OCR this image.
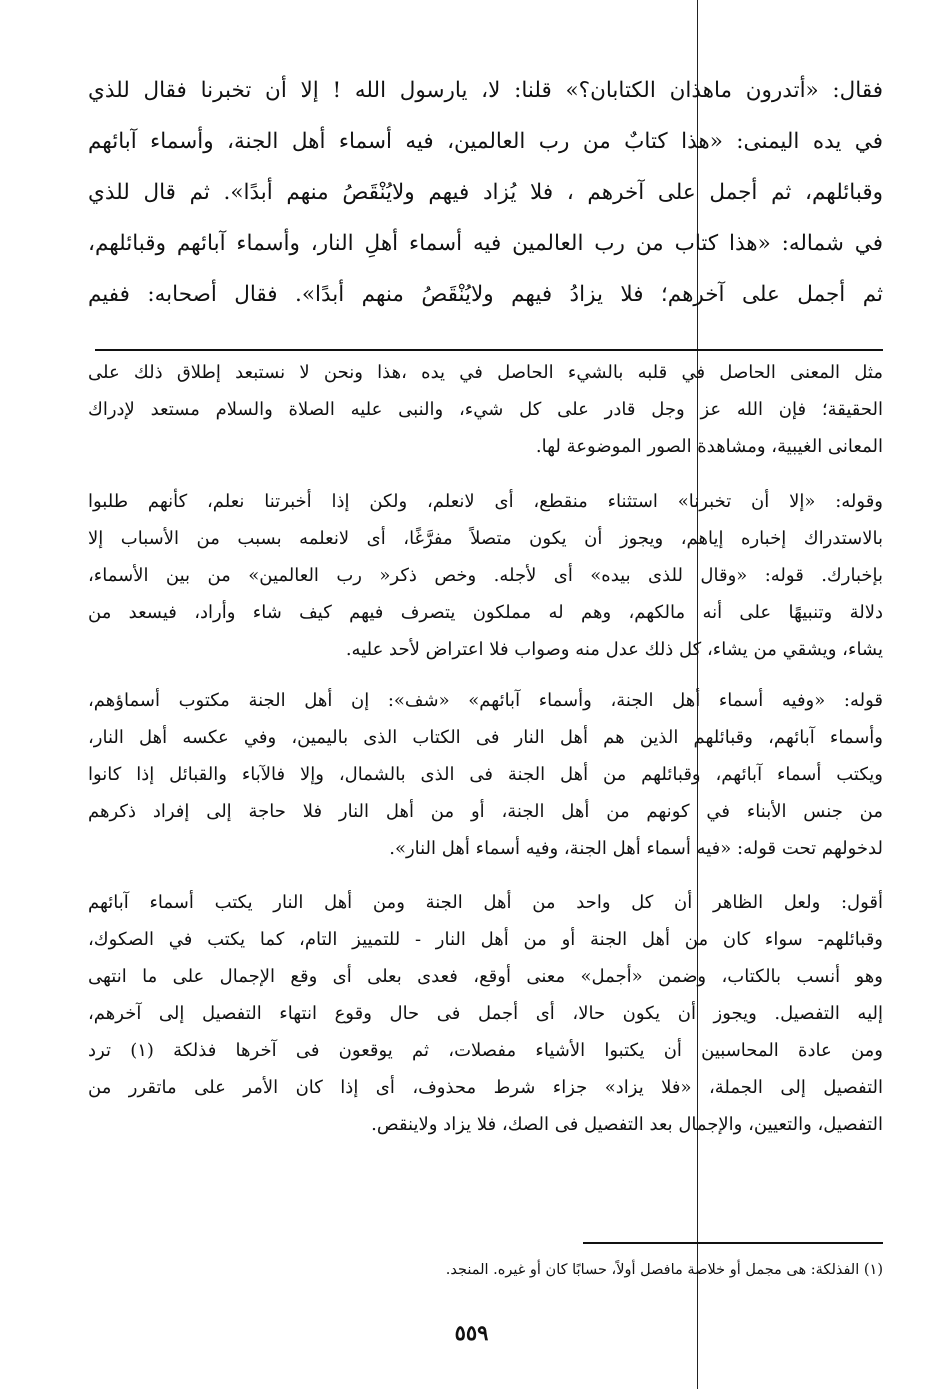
فقال: «أتدرون ماهذان الكتابان؟» قلنا: لا، يارسول الله ! إلا أن تخبرنا فقال للذي
في يده اليمنى: «هذا كتابٌ من رب العالمين، فيه أسماء أهل الجنة، وأسماء آبائهم
وقبائلهم، ثم أجمل على آخرهم ، فلا يُزاد فيهم ولايُنْقَصُ منهم أبدًا». ثم قال للذي
في شماله: «هذا كتاب من رب العالمين فيه أسماء أهلِ النار، وأسماء آبائهم وقبائلهم،
ثم أجمل على آخرهم؛ فلا يزادُ فيهم ولايُنْقَصُ منهم أبدًا». فقال أصحابه: ففيم
مثل المعنى الحاصل في قلبه بالشيء الحاصل في يده ،هذا ونحن لا نستبعد إطلاق ذلك على
الحقيقة؛ فإن الله عز وجل قادر على كل شيء، والنبى عليه الصلاة والسلام مستعد لإدراك
المعانى الغيبية، ومشاهدة الصور الموضوعة لها.
وقوله: «إلا أن تخبرنا» استثناء منقطع، أى لانعلم، ولكن إذا أخبرتنا نعلم، كأنهم طلبوا
بالاستدراك إخباره إياهم، ويجوز أن يكون متصلاً مفرَّغًا، أى لانعلمه بسبب من الأسباب إلا
بإخبارك. قوله: «وقال للذى بيده» أى لأجله. وخص ذكر« رب العالمين» من بين الأسماء،
دلالة وتنبيهًا على أنه مالكهم، وهم له مملكون يتصرف فيهم كيف شاء وأراد، فيسعد من
يشاء، ويشقي من يشاء، كل ذلك عدل منه وصواب فلا اعتراض لأحد عليه.
قوله: «وفيه أسماء أهل الجنة، وأسماء آبائهم» «شف»: إن أهل الجنة مكتوب أسماؤهم،
وأسماء آبائهم، وقبائلهم الذين هم أهل النار فى الكتاب الذى باليمين، وفي عكسه أهل النار،
ويكتب أسماء آبائهم، وقبائلهم من أهل الجنة فى الذى بالشمال، وإلا فالآباء والقبائل إذا كانوا
من جنس الأبناء في كونهم من أهل الجنة، أو من أهل النار فلا حاجة إلى إفراد ذكرهم
لدخولهم تحت قوله: «فيه أسماء أهل الجنة، وفيه أسماء أهل النار».
أقول: ولعل الظاهر أن كل واحد من أهل الجنة ومن أهل النار يكتب أسماء آبائهم
وقبائلهم- سواء كان من أهل الجنة أو من أهل النار - للتمييز التام، كما يكتب في الصكوك،
وهو أنسب بالكتاب، وضمن «أجمل» معنى أوقع، فعدى بعلى أى وقع الإجمال على ما انتهى
إليه التفصيل. ويجوز أن يكون حالا، أى أجمل فى حال وقوع انتهاء التفصيل إلى آخرهم،
ومن عادة المحاسبين أن يكتبوا الأشياء مفصلات، ثم يوقعون فى آخرها فذلكة (١) ترد
التفصيل إلى الجملة، «فلا يزاد» جزاء شرط محذوف، أى إذا كان الأمر على ماتقرر من
التفصيل، والتعيين، والإجمال بعد التفصيل فى الصك، فلا يزاد ولاينقص.
(١) الفذلكة: هى مجمل أو خلاصة مافصل أولاً، حسابًا كان أو غيره. المنجد.
٥٥٩
